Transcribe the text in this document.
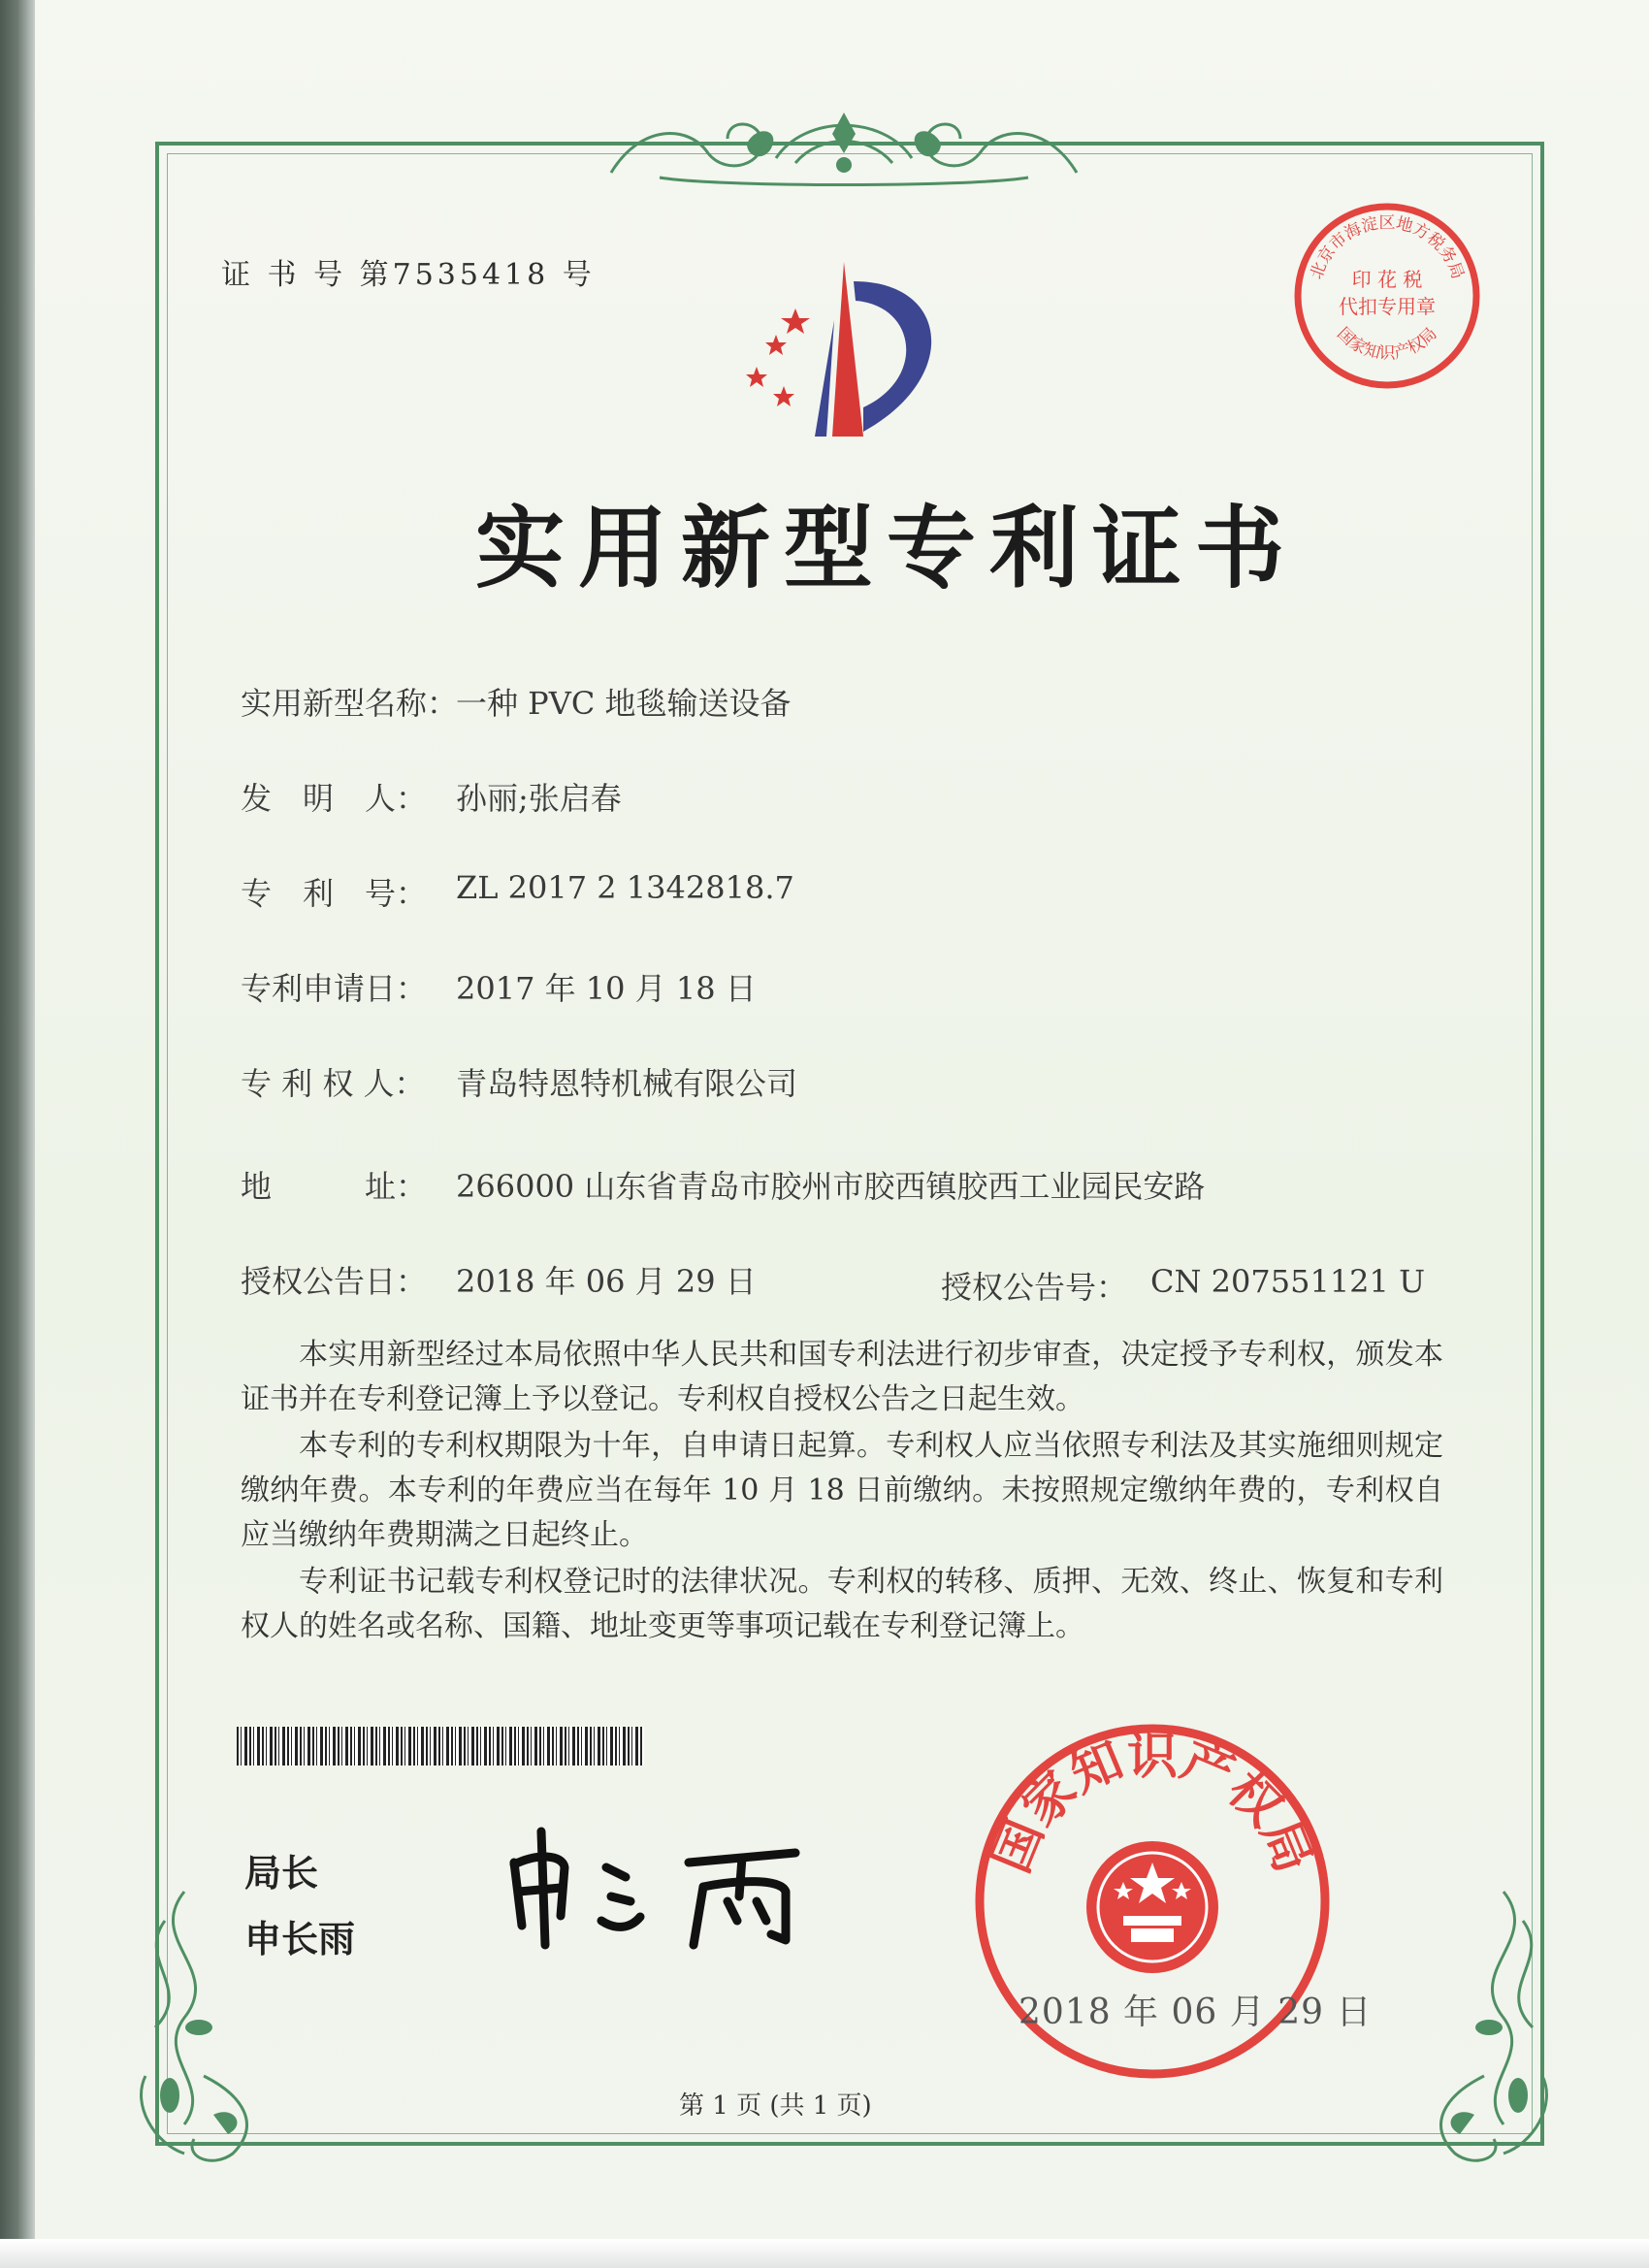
证 书 号 第7535418 号
实用新型专利证书
印 花 税
代扣专用章
北京市海淀区地方税务局
国家知识产权局
实用新型名称：
一种 PVC 地毯输送设备
发　明　人： 孙丽;张启春
专　利　号： ZL 2017 2 1342818.7
专利申请日： 2017 年 10 月 18 日
专 利 权 人： 青岛特恩特机械有限公司
地　　　址： 266000 山东省青岛市胶州市胶西镇胶西工业园民安路
授权公告日： 2018 年 06 月 29 日	授权公告号： CN 207551121 U

本实用新型经过本局依照中华人民共和国专利法进行初步审查，决定授予专利权，颁发本证书并在专利登记簿上予以登记。专利权自授权公告之日起生效。

本专利的专利权期限为十年，自申请日起算。专利权人应当依照专利法及其实施细则规定缴纳年费。本专利的年费应当在每年 10 月 18 日前缴纳。未按照规定缴纳年费的，专利权自应当缴纳年费期满之日起终止。

专利证书记载专利权登记时的法律状况。专利权的转移、质押、无效、终止、恢复和专利权人的姓名或名称、国籍、地址变更等事项记载在专利登记簿上。

局长
申长雨
国家知识产权局
2018 年 06 月 29 日
第 1 页 (共 1 页)
